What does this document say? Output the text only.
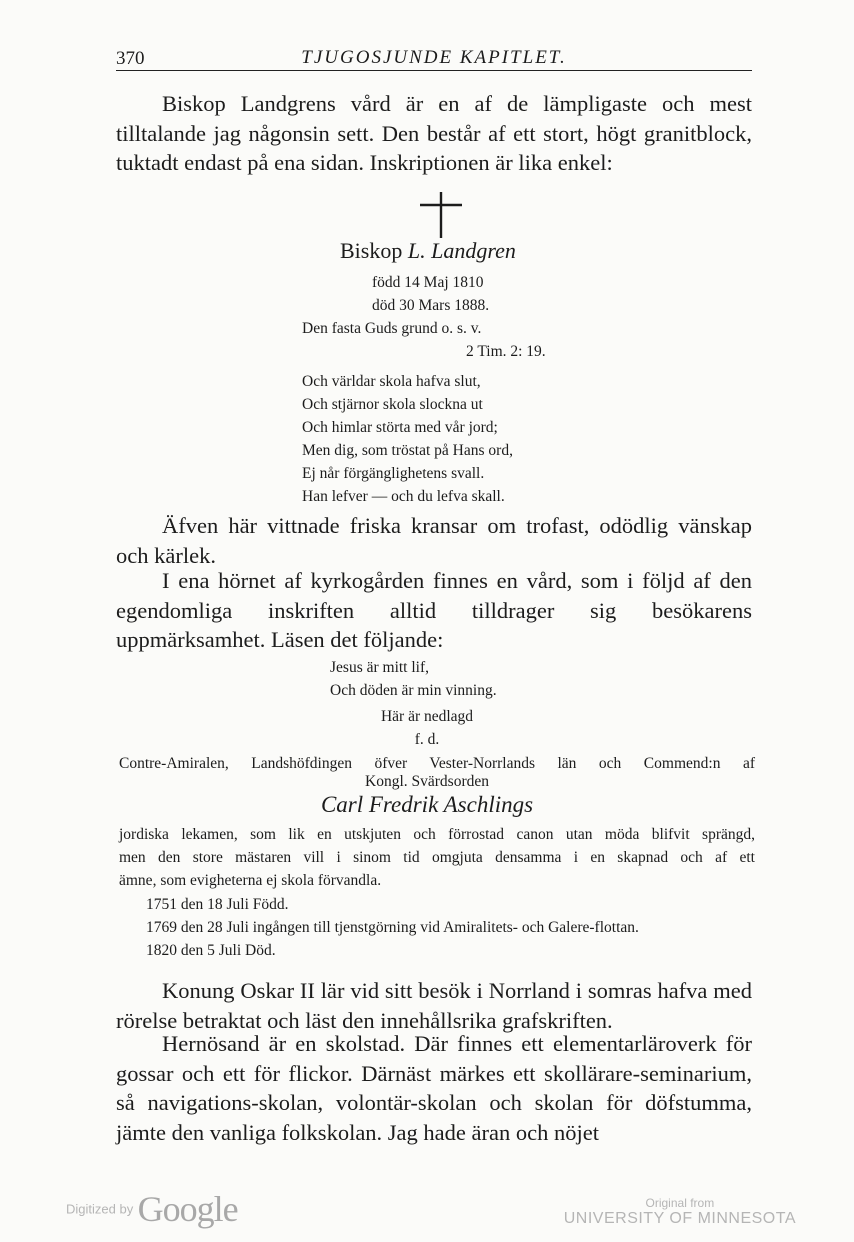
370	TJUGOSJUNDE KAPITLET.

Biskop Landgrens vård är en af de lämpligaste och mest tilltalande jag någonsin sett. Den består af ett stort, högt granitblock, tuktadt endast på ena sidan. Inskriptionen är lika enkel:

Biskop L. Landgren
född 14 Maj 1810
död 30 Mars 1888.
Den fasta Guds grund o. s. v.
2 Tim. 2: 19.
Och världar skola hafva slut,
Och stjärnor skola slockna ut
Och himlar störta med vår jord;
Men dig, som tröstat på Hans ord,
Ej når förgänglighetens svall.
Han lefver — och du lefva skall.

Äfven här vittnade friska kransar om trofast, odödlig vänskap och kärlek.

I ena hörnet af kyrkogården finnes en vård, som i följd af den egendomliga inskriften alltid tilldrager sig besökarens uppmärksamhet. Läsen det följande:

Jesus är mitt lif,
Och döden är min vinning.
Här är nedlagd
f. d.
Contre-Amiralen, Landshöfdingen öfver Vester-Norrlands län och Commend:n af
Kongl. Svärdsorden
Carl Fredrik Aschlings
jordiska lekamen, som lik en utskjuten och förrostad canon utan möda blifvit sprängd,
men den store mästaren vill i sinom tid omgjuta densamma i en skapnad och af ett
ämne, som evigheterna ej skola förvandla.
1751 den 18 Juli Född.
1769 den 28 Juli ingången till tjenstgörning vid Amiralitets- och Galere-flottan.
1820 den 5 Juli Död.

Konung Oskar II lär vid sitt besök i Norrland i somras hafva med rörelse betraktat och läst den innehållsrika grafskriften.

Hernösand är en skolstad. Där finnes ett elementarläroverk för gossar och ett för flickor. Därnäst märkes ett skollärare-seminarium, så navigations-skolan, volontär-skolan och skolan för döfstumma, jämte den vanliga folkskolan. Jag hade äran och nöjet

Digitized by Google	Original from
UNIVERSITY OF MINNESOTA
